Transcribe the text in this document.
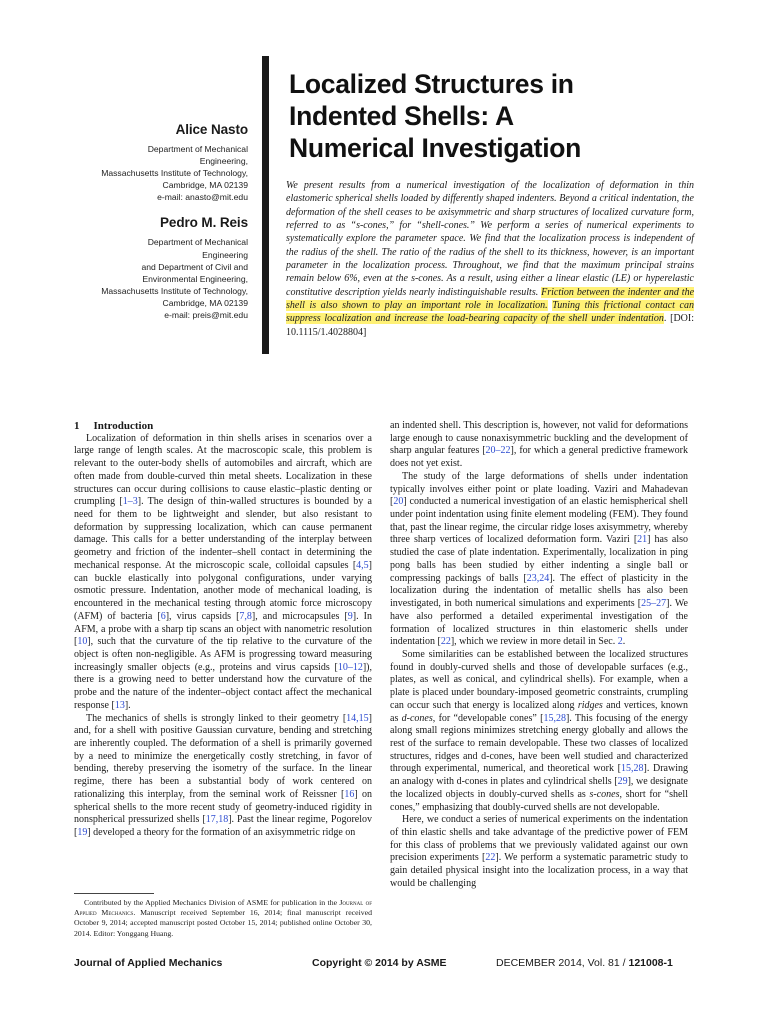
Alice Nasto
Department of Mechanical Engineering,
Massachusetts Institute of Technology,
Cambridge, MA 02139
e-mail: anasto@mit.edu
Pedro M. Reis
Department of Mechanical Engineering
and Department of Civil and
Environmental Engineering,
Massachusetts Institute of Technology,
Cambridge, MA 02139
e-mail: preis@mit.edu
Localized Structures in
Indented Shells: A
Numerical Investigation
We present results from a numerical investigation of the localization of deformation in thin elastomeric spherical shells loaded by differently shaped indenters. Beyond a critical indentation, the deformation of the shell ceases to be axisymmetric and sharp structures of localized curvature form, referred to as “s-cones,” for “shell-cones.” We perform a series of numerical experiments to systematically explore the parameter space. We find that the localization process is independent of the radius of the shell. The ratio of the radius of the shell to its thickness, however, is an important parameter in the localization process. Throughout, we find that the maximum principal strains remain below 6%, even at the s-cones. As a result, using either a linear elastic (LE) or hyperelastic constitutive description yields nearly indistinguishable results. Friction between the indenter and the shell is also shown to play an important role in localization. Tuning this frictional contact can suppress localization and increase the load-bearing capacity of the shell under indentation. [DOI: 10.1115/1.4028804]

1 Introduction

Localization of deformation in thin shells arises in scenarios over a large range of length scales. At the macroscopic scale, this problem is relevant to the outer-body shells of automobiles and aircraft, which are often made from double-curved thin metal sheets. Localization in these structures can occur during collisions to cause elastic–plastic denting or crumpling [1–3]. The design of thin-walled structures is bounded by a need for them to be lightweight and slender, but also resistant to deformation by suppressing localization, which can cause permanent damage. This calls for a better understanding of the interplay between geometry and friction of the indenter–shell contact in determining the mechanical response. At the microscopic scale, colloidal capsules [4,5] can buckle elastically into polygonal configurations, under varying osmotic pressure. Indentation, another mode of mechanical loading, is encountered in the mechanical testing through atomic force microscopy (AFM) of bacteria [6], virus capsids [7,8], and microcapsules [9]. In AFM, a probe with a sharp tip scans an object with nanometric resolution [10], such that the curvature of the tip relative to the curvature of the object is often non-negligible. As AFM is progressing toward measuring increasingly smaller objects (e.g., proteins and virus capsids [10–12]), there is a growing need to better understand how the curvature of the probe and the nature of the indenter–object contact affect the mechanical response [13].

The mechanics of shells is strongly linked to their geometry [14,15] and, for a shell with positive Gaussian curvature, bending and stretching are inherently coupled. The deformation of a shell is primarily governed by a need to minimize the energetically costly stretching, in favor of bending, thereby preserving the isometry of the surface. In the linear regime, there has been a substantial body of work centered on rationalizing this interplay, from the seminal work of Reissner [16] on spherical shells to the more recent study of geometry-induced rigidity in nonspherical pressurized shells [17,18]. Past the linear regime, Pogorelov [19] developed a theory for the formation of an axisymmetric ridge on

an indented shell. This description is, however, not valid for deformations large enough to cause nonaxisymmetric buckling and the development of sharp angular features [20–22], for which a general predictive framework does not yet exist.

The study of the large deformations of shells under indentation typically involves either point or plate loading. Vaziri and Mahadevan [20] conducted a numerical investigation of an elastic hemispherical shell under point indentation using finite element modeling (FEM). They found that, past the linear regime, the circular ridge loses axisymmetry, whereby three sharp vertices of localized deformation form. Vaziri [21] has also studied the case of plate indentation. Experimentally, localization in ping pong balls has been studied by either indenting a single ball or compressing packings of balls [23,24]. The effect of plasticity in the localization during the indentation of metallic shells has also been investigated, in both numerical simulations and experiments [25–27]. We have also performed a detailed experimental investigation of the formation of localized structures in thin elastomeric shells under indentation [22], which we review in more detail in Sec. 2.

Some similarities can be established between the localized structures found in doubly-curved shells and those of developable surfaces (e.g., plates, as well as conical, and cylindrical shells). For example, when a plate is placed under boundary-imposed geometric constraints, crumpling can occur such that energy is localized along ridges and vertices, known as d-cones, for “developable cones” [15,28]. This focusing of the energy along small regions minimizes stretching energy globally and allows the rest of the surface to remain developable. These two classes of localized structures, ridges and d-cones, have been well studied and characterized through experimental, numerical, and theoretical work [15,28]. Drawing an analogy with d-cones in plates and cylindrical shells [29], we designate the localized objects in doubly-curved shells as s-cones, short for “shell cones,” emphasizing that doubly-curved shells are not developable.

Here, we conduct a series of numerical experiments on the indentation of thin elastic shells and take advantage of the predictive power of FEM for this class of problems that we previously validated against our own precision experiments [22]. We perform a systematic parametric study to gain detailed physical insight into the localization process, in a way that would be challenging

Contributed by the Applied Mechanics Division of ASME for publication in the Journal of Applied Mechanics. Manuscript received September 16, 2014; final manuscript received October 9, 2014; accepted manuscript posted October 15, 2014; published online October 30, 2014. Editor: Yonggang Huang.
Journal of Applied Mechanics	Copyright © 2014 by ASME	DECEMBER 2014, Vol. 81 / 121008-1
